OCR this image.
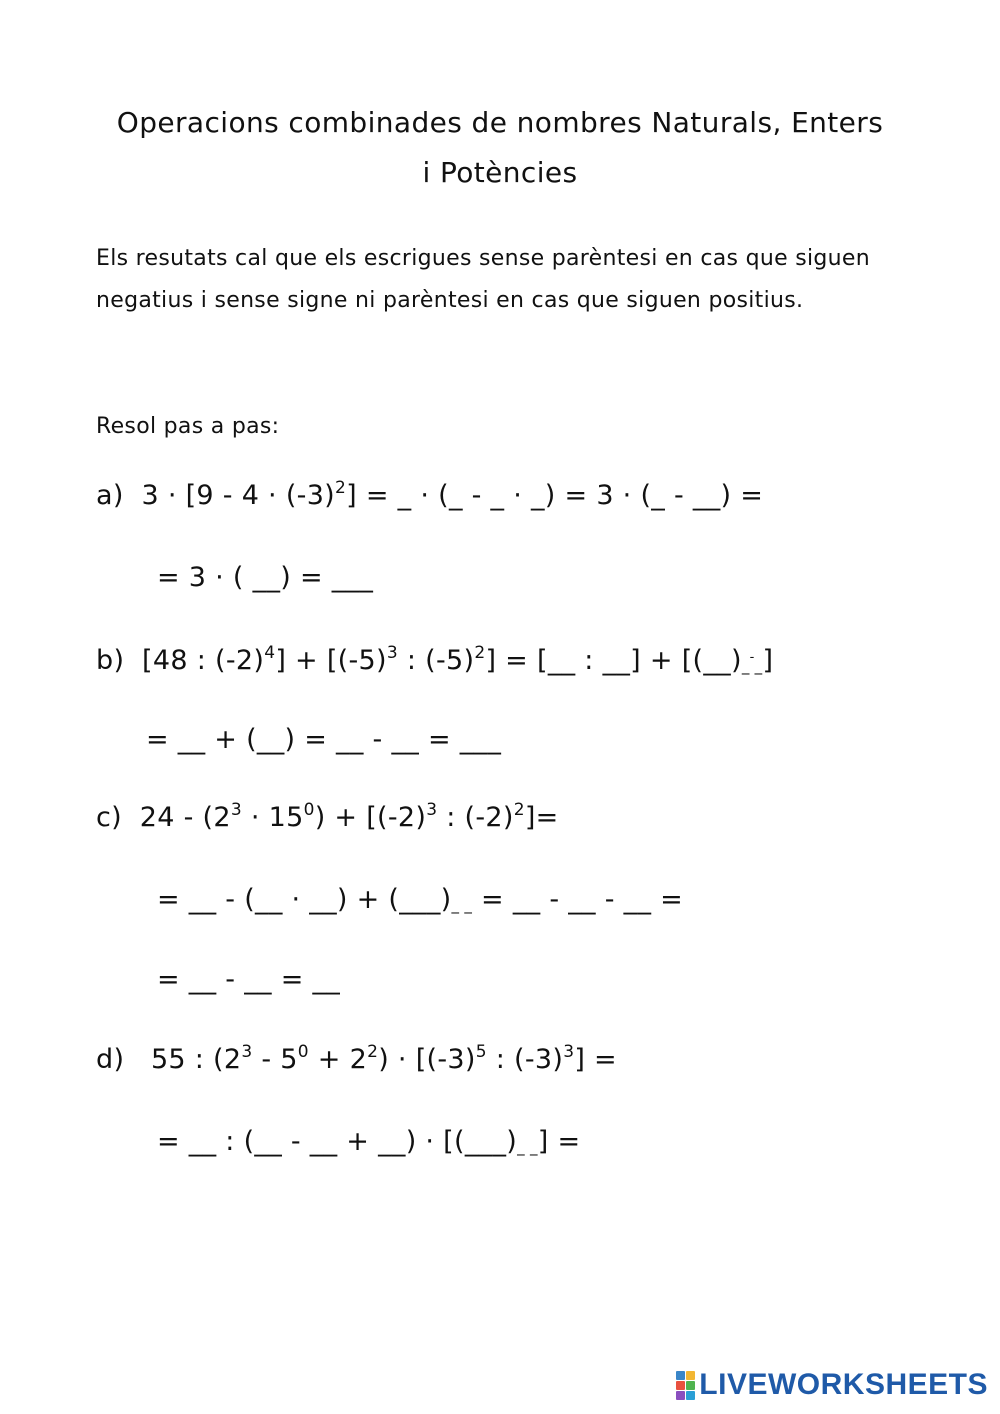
Operacions combinades de nombres Naturals, Enters
i Potències
Els resutats cal que els escrigues sense parèntesi en cas que siguen negatius i sense signe ni parèntesi en cas que siguen positius.
Resol pas a pas:
a) $3 \cdot [9 - 4 \cdot (-3)^2]$ = _ · (_ - _ · _) = 3 · (_ - __) =
= 3 · ( __) = ___
b) [48 : $(-2)^4] + [(-5)^3$ : $(-5)^2$] = [__ : __] + [(__)_-_]
= __ + (__) = __ - __ = ___
c) $24 - (2^3 \cdot 15^0) + [(-2)^3$ : $(-2)^2]=$
= __ - (__ · __) + (___)_ _ = __ - __ - __ =
= __ - __ = __
d) 55 : $(2^3 - 5^0 + 2^2) \cdot [(-3)^5$ : $(-3)^3$] =
= __ : (__ - __ + __) · [(___)_ _] =
LIVEWORKSHEETS
